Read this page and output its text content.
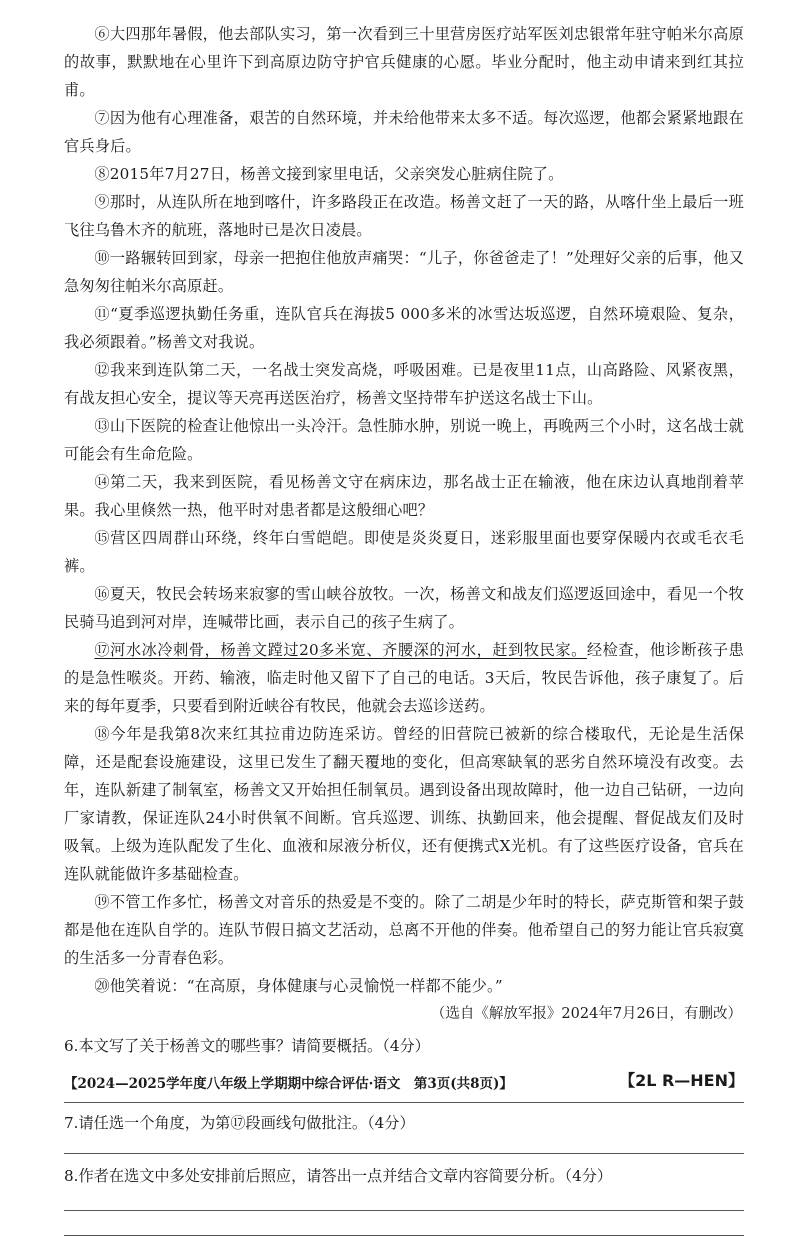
⑥大四那年暑假，他去部队实习，第一次看到三十里营房医疗站军医刘忠银常年驻守帕米尔高原的故事，默默地在心里许下到高原边防守护官兵健康的心愿。毕业分配时，他主动申请来到红其拉甫。

⑦因为他有心理准备，艰苦的自然环境，并未给他带来太多不适。每次巡逻，他都会紧紧地跟在官兵身后。

⑧2015年7月27日，杨善文接到家里电话，父亲突发心脏病住院了。

⑨那时，从连队所在地到喀什，许多路段正在改造。杨善文赶了一天的路，从喀什坐上最后一班飞往乌鲁木齐的航班，落地时已是次日凌晨。

⑩一路辗转回到家，母亲一把抱住他放声痛哭：“儿子，你爸爸走了！”处理好父亲的后事，他又急匆匆往帕米尔高原赶。

⑪“夏季巡逻执勤任务重，连队官兵在海拔5 000多米的冰雪达坂巡逻，自然环境艰险、复杂，我必须跟着。”杨善文对我说。

⑫我来到连队第二天，一名战士突发高烧，呼吸困难。已是夜里11点，山高路险、风紧夜黑，有战友担心安全，提议等天亮再送医治疗，杨善文坚持带车护送这名战士下山。

⑬山下医院的检查让他惊出一头冷汗。急性肺水肿，别说一晚上，再晚两三个小时，这名战士就可能会有生命危险。

⑭第二天，我来到医院，看见杨善文守在病床边，那名战士正在输液，他在床边认真地削着苹果。我心里倏然一热，他平时对患者都是这般细心吧？

⑮营区四周群山环绕，终年白雪皑皑。即使是炎炎夏日，迷彩服里面也要穿保暖内衣或毛衣毛裤。

⑯夏天，牧民会转场来寂寥的雪山峡谷放牧。一次，杨善文和战友们巡逻返回途中，看见一个牧民骑马追到河对岸，连喊带比画，表示自己的孩子生病了。

⑰河水冰冷刺骨，杨善文蹚过20多米宽、齐腰深的河水，赶到牧民家。经检查，他诊断孩子患的是急性喉炎。开药、输液，临走时他又留下了自己的电话。3天后，牧民告诉他，孩子康复了。后来的每年夏季，只要看到附近峡谷有牧民，他就会去巡诊送药。

⑱今年是我第8次来红其拉甫边防连采访。曾经的旧营院已被新的综合楼取代，无论是生活保障，还是配套设施建设，这里已发生了翻天覆地的变化，但高寒缺氧的恶劣自然环境没有改变。去年，连队新建了制氧室，杨善文又开始担任制氧员。遇到设备出现故障时，他一边自己钻研，一边向厂家请教，保证连队24小时供氧不间断。官兵巡逻、训练、执勤回来，他会提醒、督促战友们及时吸氧。上级为连队配发了生化、血液和尿液分析仪，还有便携式X光机。有了这些医疗设备，官兵在连队就能做许多基础检查。

⑲不管工作多忙，杨善文对音乐的热爱是不变的。除了二胡是少年时的特长，萨克斯管和架子鼓都是他在连队自学的。连队节假日搞文艺活动，总离不开他的伴奏。他希望自己的努力能让官兵寂寞的生活多一分青春色彩。

⑳他笑着说：“在高原，身体健康与心灵愉悦一样都不能少。”

（选自《解放军报》2024年7月26日，有删改）

6.本文写了关于杨善文的哪些事？请简要概括。（4分）

7.请任选一个角度，为第⑰段画线句做批注。（4分）

8.作者在选文中多处安排前后照应，请答出一点并结合文章内容简要分析。（4分）

【2024—2025学年度八年级上学期期中综合评估·语文　第3页(共8页)】	【2L R—HEN】
